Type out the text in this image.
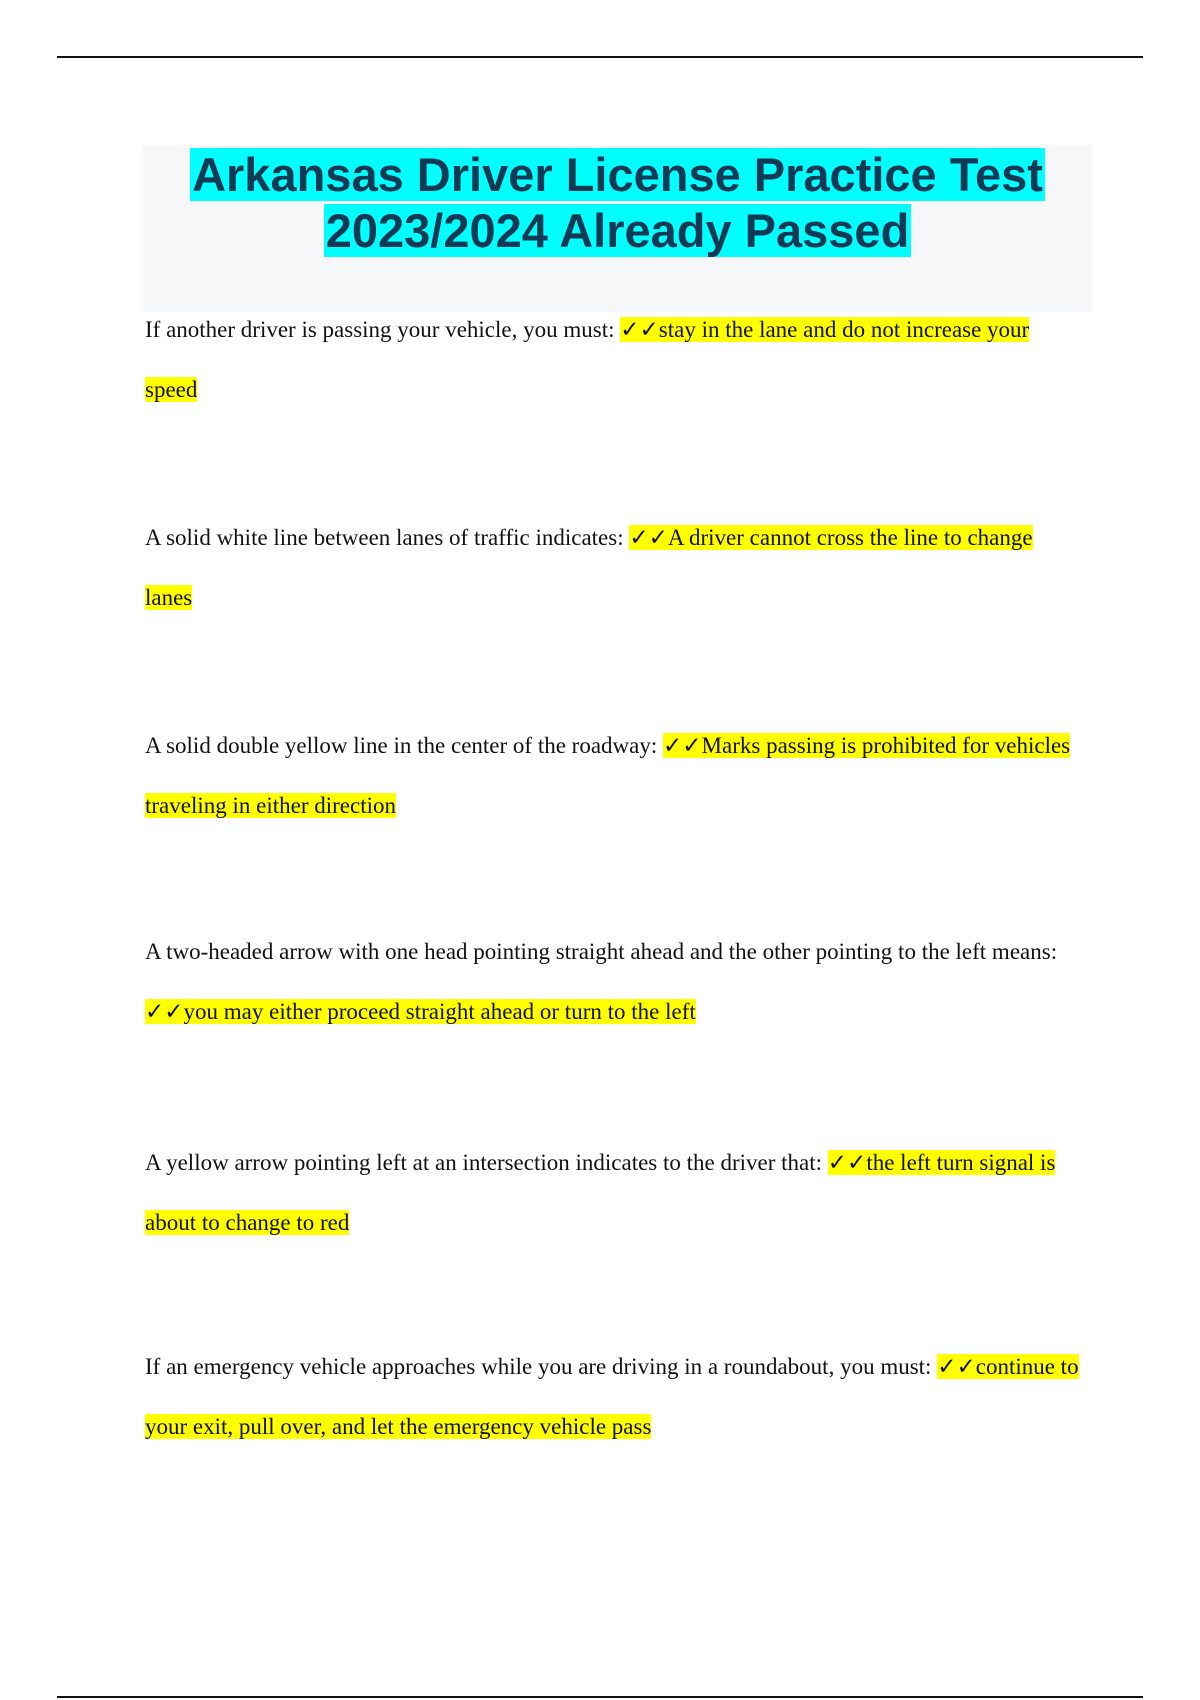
Arkansas Driver License Practice Test
2023/2024 Already Passed

If another driver is passing your vehicle, you must: ✓✓stay in the lane and do not increase your speed

A solid white line between lanes of traffic indicates: ✓✓A driver cannot cross the line to change lanes

A solid double yellow line in the center of the roadway: ✓✓Marks passing is prohibited for vehicles traveling in either direction

A two-headed arrow with one head pointing straight ahead and the other pointing to the left means: ✓✓you may either proceed straight ahead or turn to the left

A yellow arrow pointing left at an intersection indicates to the driver that: ✓✓the left turn signal is about to change to red

If an emergency vehicle approaches while you are driving in a roundabout, you must: ✓✓continue to your exit, pull over, and let the emergency vehicle pass
